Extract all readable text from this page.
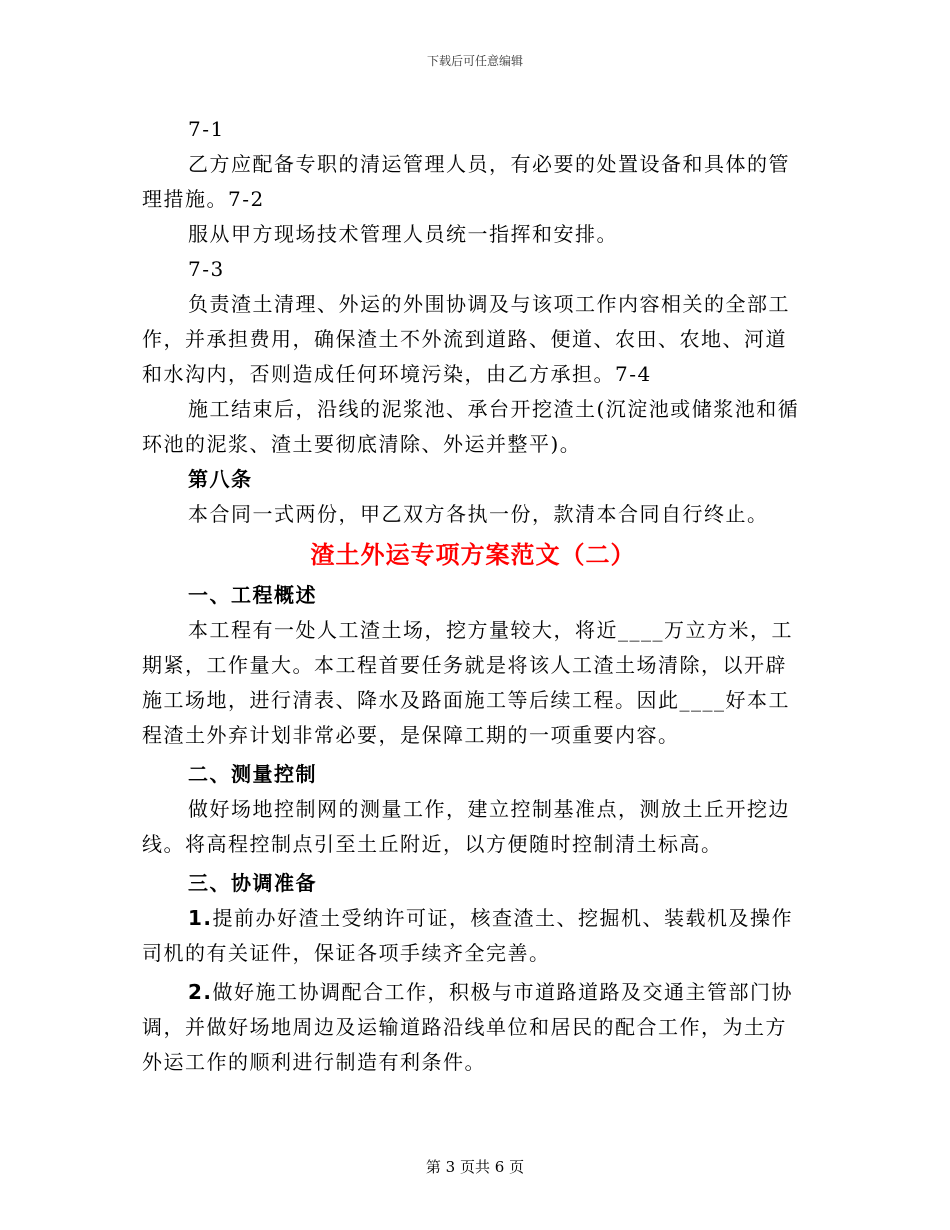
下载后可任意编辑
7-1
乙方应配备专职的清运管理人员，有必要的处置设备和具体的管
理措施。7-2
服从甲方现场技术管理人员统一指挥和安排。
7-3
负责渣土清理、外运的外围协调及与该项工作内容相关的全部工
作，并承担费用，确保渣土不外流到道路、便道、农田、农地、河道
和水沟内，否则造成任何环境污染，由乙方承担。7-4
施工结束后，沿线的泥浆池、承台开挖渣土(沉淀池或储浆池和循
环池的泥浆、渣土要彻底清除、外运并整平)。
第八条
本合同一式两份，甲乙双方各执一份，款清本合同自行终止。
渣土外运专项方案范文（二）
一、工程概述
本工程有一处人工渣土场，挖方量较大，将近____万立方米，工
期紧，工作量大。本工程首要任务就是将该人工渣土场清除，以开辟
施工场地，进行清表、降水及路面施工等后续工程。因此____好本工
程渣土外弃计划非常必要，是保障工期的一项重要内容。
二、测量控制
做好场地控制网的测量工作，建立控制基准点，测放土丘开挖边
线。将高程控制点引至土丘附近，以方便随时控制清土标高。
三、协调准备
1.提前办好渣土受纳许可证，核查渣土、挖掘机、装载机及操作
司机的有关证件，保证各项手续齐全完善。
2.做好施工协调配合工作，积极与市道路道路及交通主管部门协
调，并做好场地周边及运输道路沿线单位和居民的配合工作，为土方
外运工作的顺利进行制造有利条件。
第 3 页共 6 页
